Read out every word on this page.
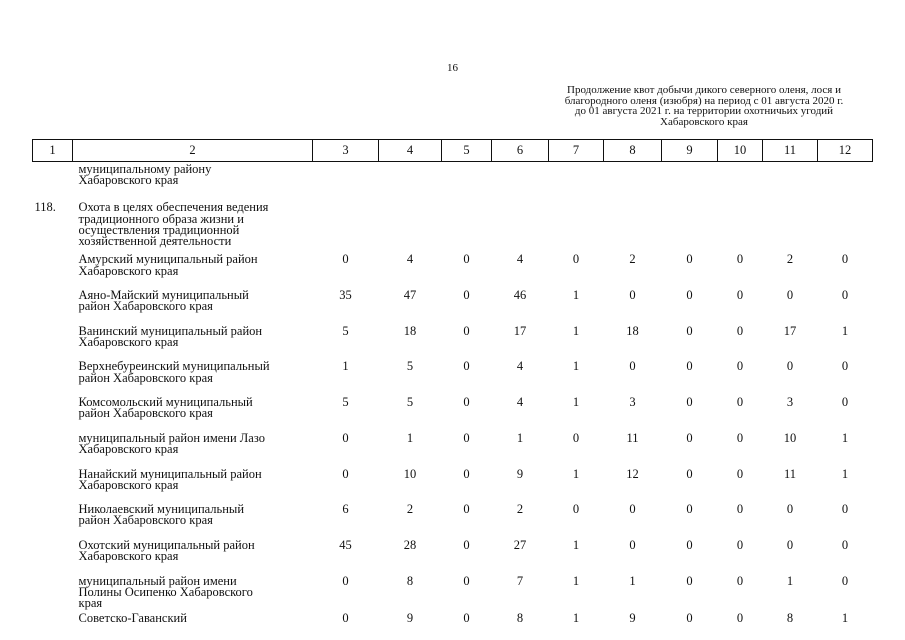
16
Продолжение квот добычи дикого северного оленя, лося и
благородного оленя (изюбря) на период с 01 августа 2020 г.
до 01 августа 2021 г. на территории охотничьих угодий
Хабаровского края
1	2	3	4	5	6	7	8	9	10	11	12
	муниципальному району
Хабаровского края										
118.	Охота в целях обеспечения ведения
традиционного образа жизни и
осуществления традиционной
хозяйственной деятельности										
	Амурский муниципальный район
Хабаровского края	0	4	0	4	0	2	0	0	2	0
	Аяно-Майский муниципальный
район Хабаровского края	35	47	0	46	1	0	0	0	0	0
	Ванинский муниципальный район
Хабаровского края	5	18	0	17	1	18	0	0	17	1
	Верхнебуреинский муниципальный
район Хабаровского края	1	5	0	4	1	0	0	0	0	0
	Комсомольский муниципальный
район Хабаровского края	5	5	0	4	1	3	0	0	3	0
	муниципальный район имени Лазо
Хабаровского края	0	1	0	1	0	11	0	0	10	1
	Нанайский муниципальный район
Хабаровского края	0	10	0	9	1	12	0	0	11	1
	Николаевский муниципальный
район Хабаровского края	6	2	0	2	0	0	0	0	0	0
	Охотский муниципальный район
Хабаровского края	45	28	0	27	1	0	0	0	0	0
	муниципальный район имени
Полины Осипенко Хабаровского
края	0	8	0	7	1	1	0	0	1	0
	Советско-Гаванский	0	9	0	8	1	9	0	0	8	1
